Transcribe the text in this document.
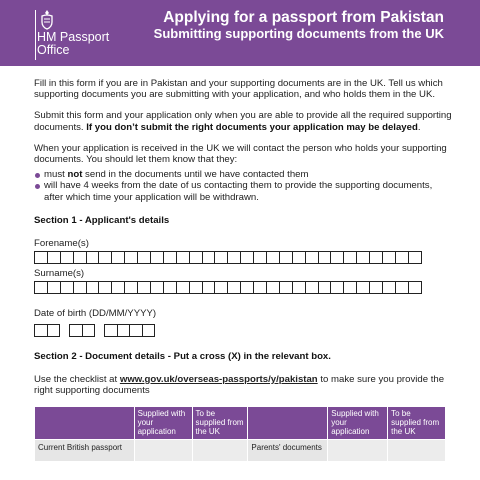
HM Passport
Office
Applying for a passport from Pakistan
Submitting supporting documents from the UK

Fill in this form if you are in Pakistan and your supporting documents are in the UK. Tell us which supporting documents you are submitting with your application, and who holds them in the UK.

Submit this form and your application only when you are able to provide all the required supporting documents. If you don’t submit the right documents your application may be delayed.

When your application is received in the UK we will contact the person who holds your supporting documents. You should let them know that they:

must not send in the documents until we have contacted them
will have 4 weeks from the date of us contacting them to provide the supporting documents, after which time your application will be withdrawn.
Section 1 - Applicant's details
Forename(s)
Surname(s)
Date of birth (DD/MM/YYYY)
Section 2 - Document details - Put a cross (X) in the relevant box.

Use the checklist at www.gov.uk/overseas-passports/y/pakistan to make sure you provide the right supporting documents

	Supplied with your application	To be supplied from the UK		Supplied with your application	To be supplied from the UK
Current British passport			Parents' documents		
